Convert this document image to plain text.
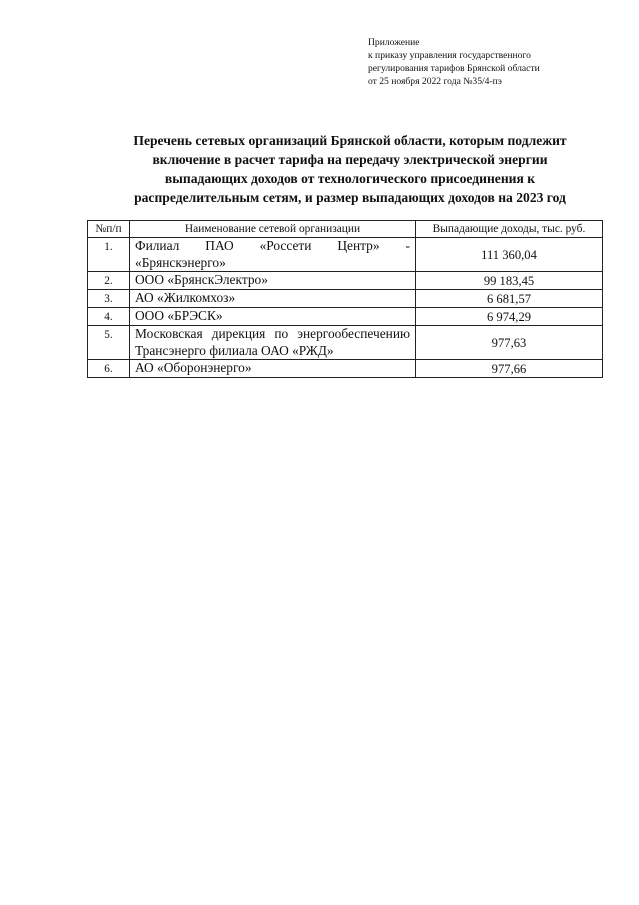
Приложение
к приказу управления государственного
регулирования тарифов Брянской области
от 25 ноября 2022 года №35/4-пэ
Перечень сетевых организаций Брянской области, которым подлежит
включение в расчет тарифа на передачу электрической энергии
выпадающих доходов от технологического присоединения к
распределительным сетям, и размер выпадающих доходов на 2023 год
№п/п	Наименование сетевой организации	Выпадающие доходы, тыс. руб.
1.	Филиал ПАО «Россети Центр» - «Брянскэнерго»	111 360,04
2.	ООО «БрянскЭлектро»	99 183,45
3.	АО «Жилкомхоз»	6 681,57
4.	ООО «БРЭСК»	6 974,29
5.	Московская дирекция по энергообеспечению Трансэнерго филиала ОАО «РЖД»	977,63
6.	АО «Оборонэнерго»	977,66
